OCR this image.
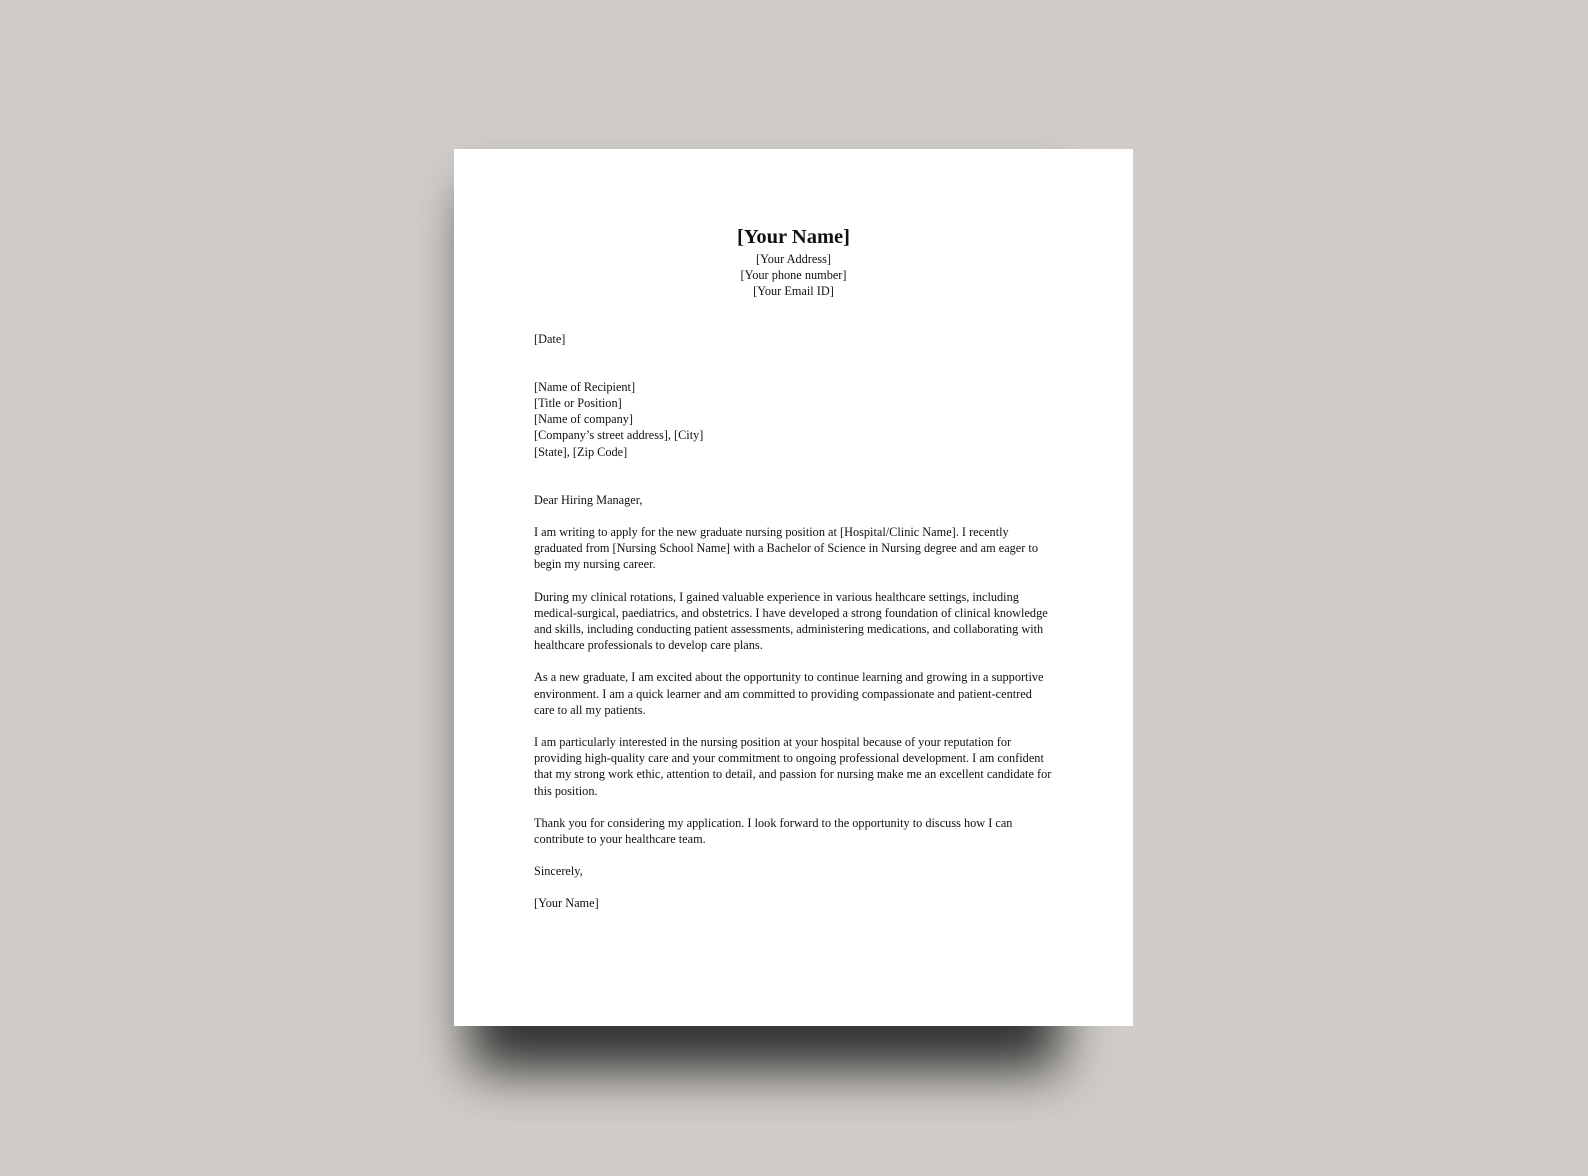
[Your Name]
[Your Address]
[Your phone number]
[Your Email ID]
[Date]
[Name of Recipient]
[Title or Position]
[Name of company]
[Company’s street address], [City]
[State], [Zip Code]
Dear Hiring Manager,

I am writing to apply for the new graduate nursing position at [Hospital/Clinic Name]. I recently graduated from [Nursing School Name] with a Bachelor of Science in Nursing degree and am eager to begin my nursing career.

During my clinical rotations, I gained valuable experience in various healthcare settings, including medical-surgical, paediatrics, and obstetrics. I have developed a strong foundation of clinical knowledge and skills, including conducting patient assessments, administering medications, and collaborating with healthcare professionals to develop care plans.

As a new graduate, I am excited about the opportunity to continue learning and growing in a supportive environment. I am a quick learner and am committed to providing compassionate and patient-centred care to all my patients.

I am particularly interested in the nursing position at your hospital because of your reputation for providing high-quality care and your commitment to ongoing professional development. I am confident that my strong work ethic, attention to detail, and passion for nursing make me an excellent candidate for this position.

Thank you for considering my application. I look forward to the opportunity to discuss how I can contribute to your healthcare team.

Sincerely,
[Your Name]
